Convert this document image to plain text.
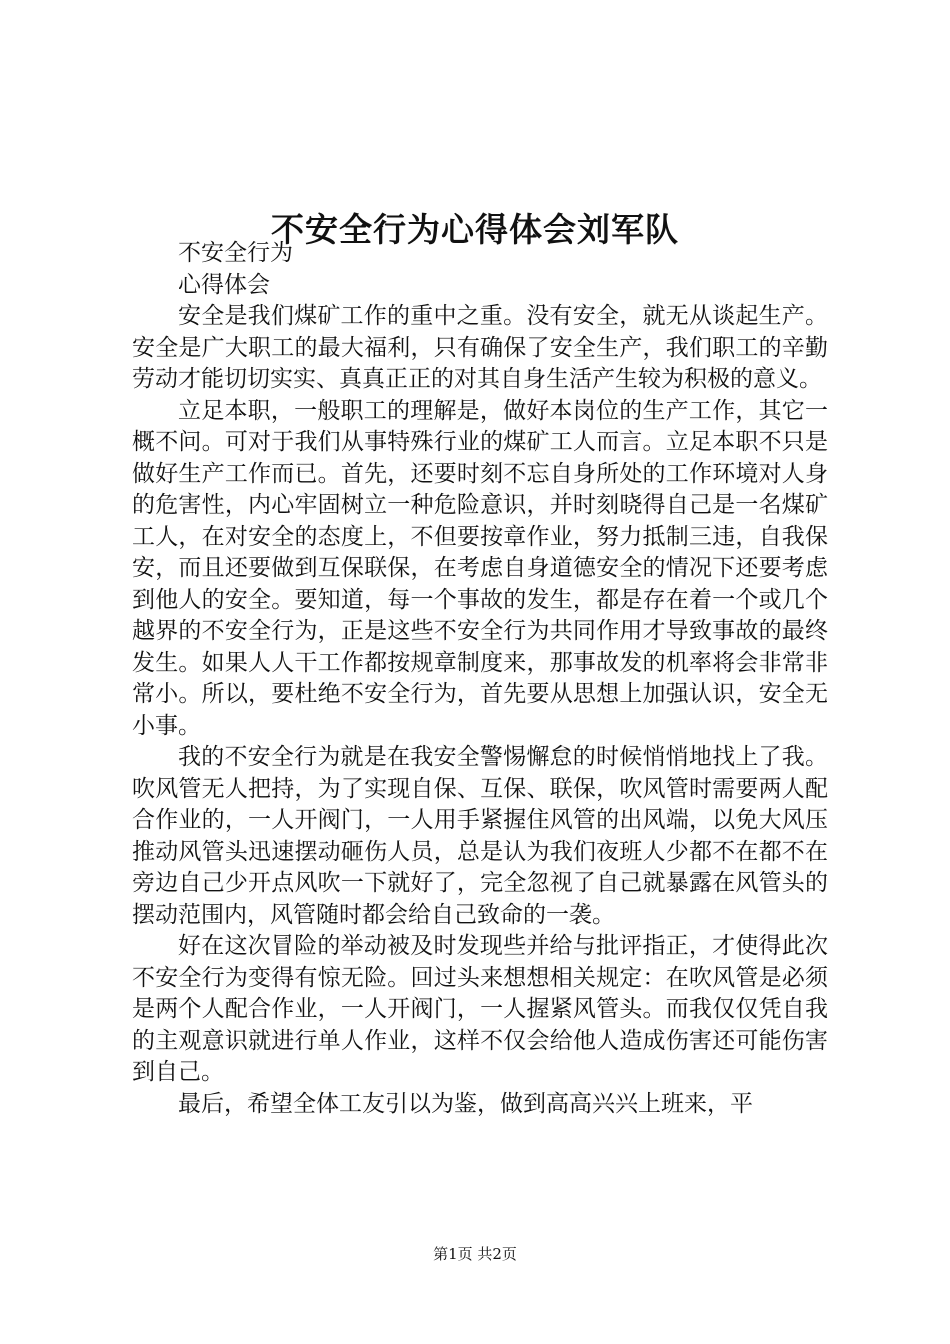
不安全行为心得体会刘军队

不安全行为

心得体会

安全是我们煤矿工作的重中之重。没有安全，就无从谈起生产。安全是广大职工的最大福利，只有确保了安全生产，我们职工的辛勤劳动才能切切实实、真真正正的对其自身生活产生较为积极的意义。

立足本职，一般职工的理解是，做好本岗位的生产工作，其它一概不问。可对于我们从事特殊行业的煤矿工人而言。立足本职不只是做好生产工作而已。首先，还要时刻不忘自身所处的工作环境对人身的危害性，内心牢固树立一种危险意识，并时刻晓得自己是一名煤矿工人，在对安全的态度上，不但要按章作业，努力抵制三违，自我保安，而且还要做到互保联保，在考虑自身道德安全的情况下还要考虑到他人的安全。要知道，每一个事故的发生，都是存在着一个或几个越界的不安全行为，正是这些不安全行为共同作用才导致事故的最终发生。如果人人干工作都按规章制度来，那事故发的机率将会非常非常小。所以，要杜绝不安全行为，首先要从思想上加强认识，安全无小事。

我的不安全行为就是在我安全警惕懈怠的时候悄悄地找上了我。吹风管无人把持，为了实现自保、互保、联保，吹风管时需要两人配合作业的，一人开阀门，一人用手紧握住风管的出风端，以免大风压推动风管头迅速摆动砸伤人员，总是认为我们夜班人少都不在都不在旁边自己少开点风吹一下就好了，完全忽视了自己就暴露在风管头的摆动范围内，风管随时都会给自己致命的一袭。

好在这次冒险的举动被及时发现些并给与批评指正，才使得此次不安全行为变得有惊无险。回过头来想想相关规定：在吹风管是必须是两个人配合作业，一人开阀门，一人握紧风管头。而我仅仅凭自我的主观意识就进行单人作业，这样不仅会给他人造成伤害还可能伤害到自己。

最后，希望全体工友引以为鉴，做到高高兴兴上班来，平

第1页 共2页
